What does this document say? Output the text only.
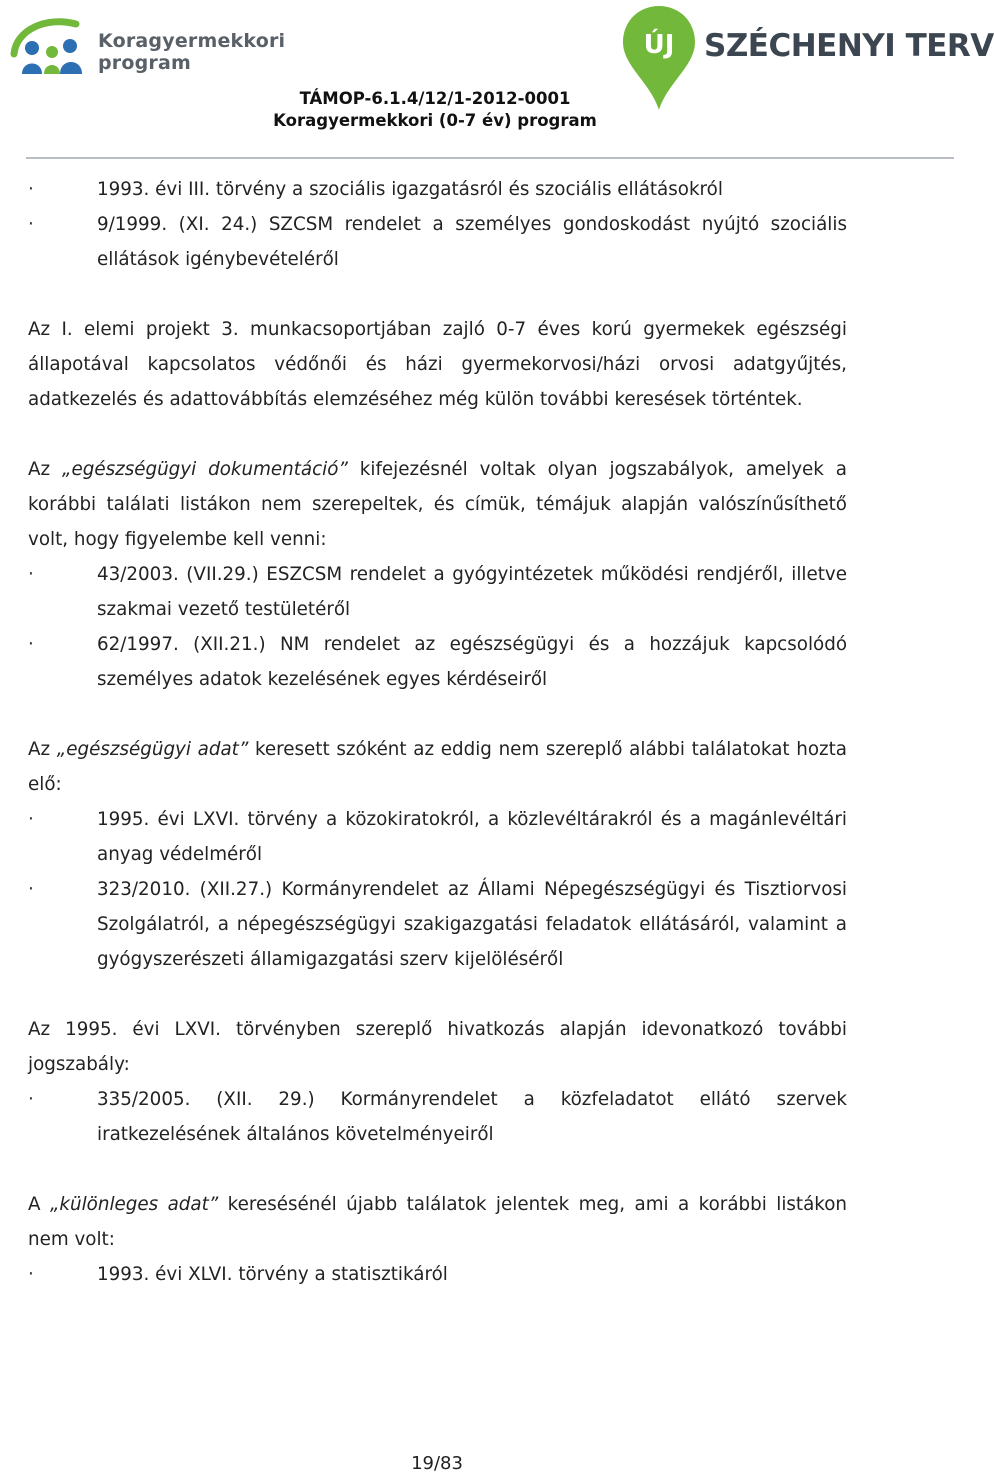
Koragyermekkori
program
ÚJ SZÉCHENYI TERV
TÁMOP-6.1.4/12/1-2012-0001
Koragyermekkori (0-7 év) program
· 1993. évi III. törvény a szociális igazgatásról és szociális ellátásokról
· 9/1999. (XI. 24.) SZCSM rendelet a személyes gondoskodást nyújtó szociális ellátások igénybevételéről

Az I. elemi projekt 3. munkacsoportjában zajló 0-7 éves korú gyermekek egészségi állapotával kapcsolatos védőnői és házi gyermekorvosi/házi orvosi adatgyűjtés, adatkezelés és adattovábbítás elemzéséhez még külön további keresések történtek.

Az „egészségügyi dokumentáció” kifejezésnél voltak olyan jogszabályok, amelyek a korábbi találati listákon nem szerepeltek, és címük, témájuk alapján valószínűsíthető volt, hogy figyelembe kell venni:

· 43/2003. (VII.29.) ESZCSM rendelet a gyógyintézetek működési rendjéről, illetve szakmai vezető testületéről
· 62/1997. (XII.21.) NM rendelet az egészségügyi és a hozzájuk kapcsolódó személyes adatok kezelésének egyes kérdéseiről

Az „egészségügyi adat” keresett szóként az eddig nem szereplő alábbi találatokat hozta elő:

· 1995. évi LXVI. törvény a közokiratokról, a közlevéltárakról és a magánlevéltári anyag védelméről
· 323/2010. (XII.27.) Kormányrendelet az Állami Népegészségügyi és Tisztiorvosi Szolgálatról, a népegészségügyi szakigazgatási feladatok ellátásáról, valamint a gyógyszerészeti államigazgatási szerv kijelöléséről

Az 1995. évi LXVI. törvényben szereplő hivatkozás alapján idevonatkozó további jogszabály:

· 335/2005. (XII. 29.) Kormányrendelet a közfeladatot ellátó szervek iratkezelésének általános követelményeiről

A „különleges adat” keresésénél újabb találatok jelentek meg, ami a korábbi listákon nem volt:

· 1993. évi XLVI. törvény a statisztikáról
19/83
